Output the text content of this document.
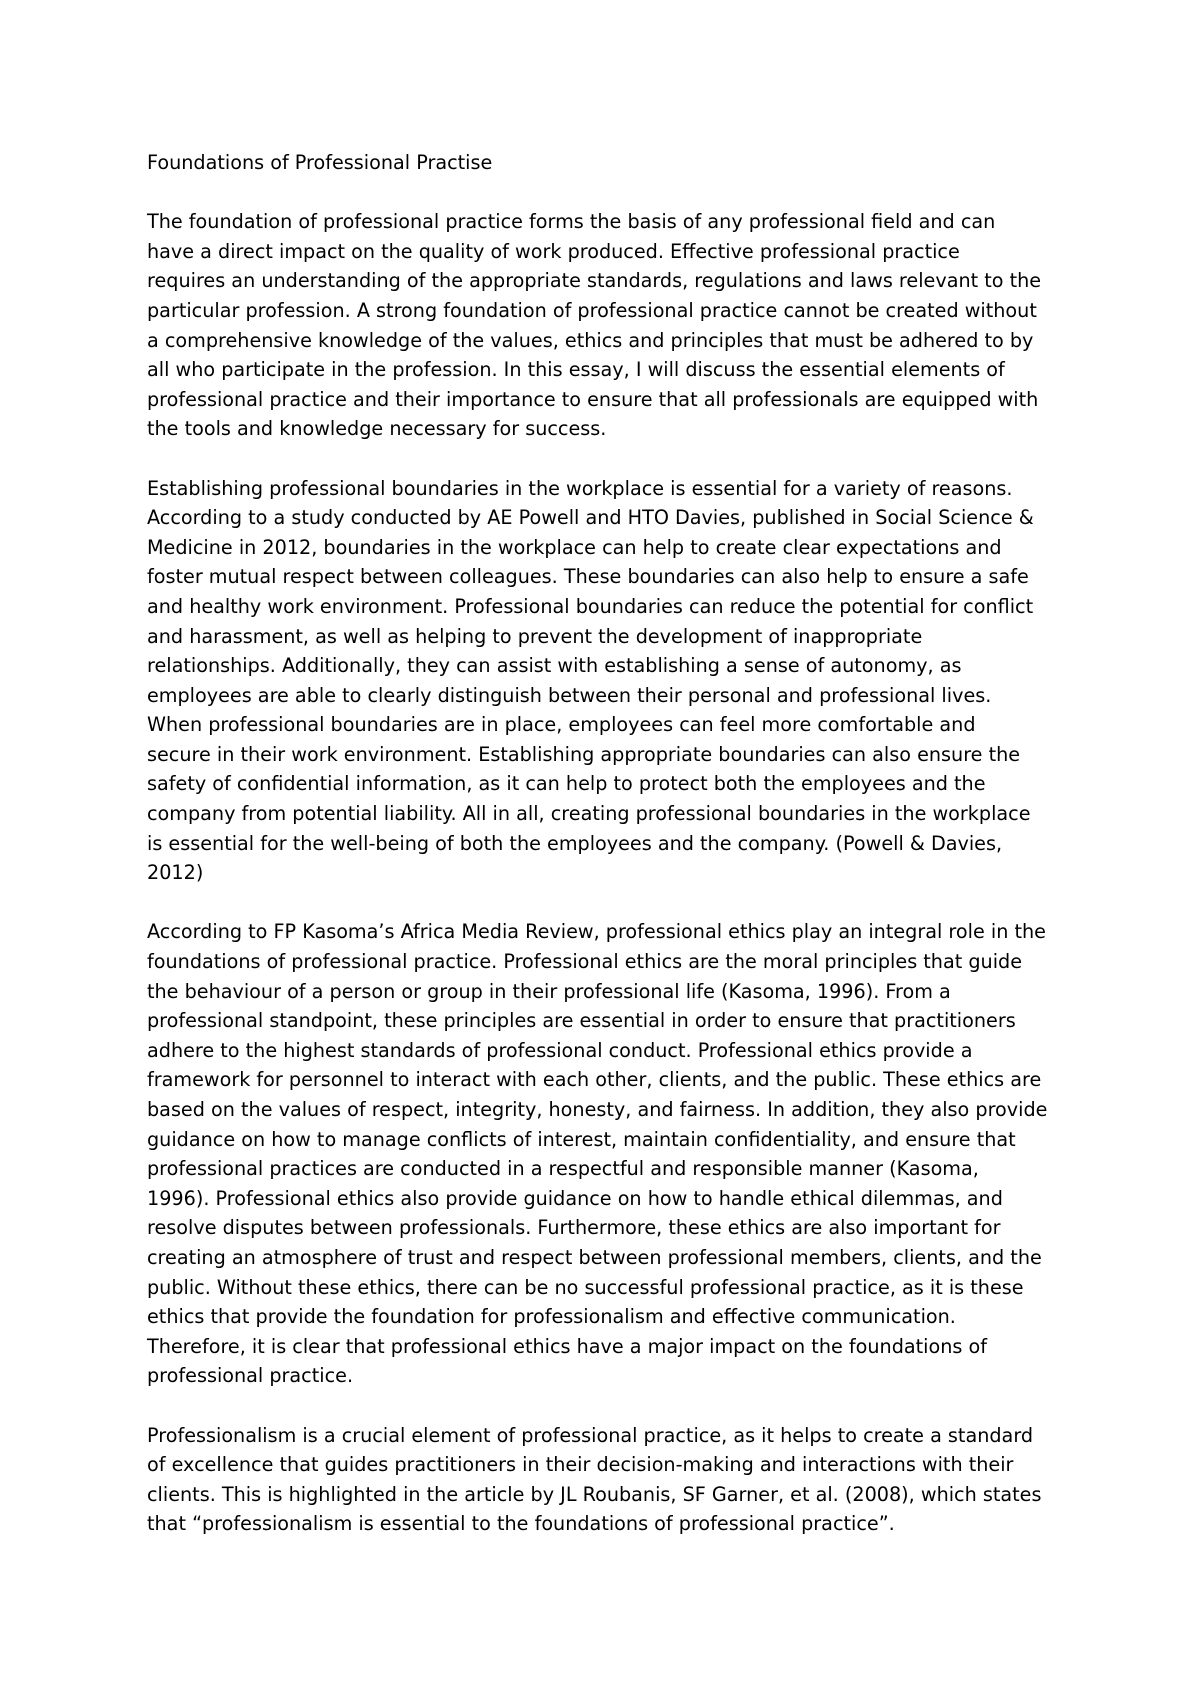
Foundations of Professional Practise

The foundation of professional practice forms the basis of any professional field and can
have a direct impact on the quality of work produced. Effective professional practice
requires an understanding of the appropriate standards, regulations and laws relevant to the
particular profession. A strong foundation of professional practice cannot be created without
a comprehensive knowledge of the values, ethics and principles that must be adhered to by
all who participate in the profession. In this essay, I will discuss the essential elements of
professional practice and their importance to ensure that all professionals are equipped with
the tools and knowledge necessary for success.

Establishing professional boundaries in the workplace is essential for a variety of reasons.
According to a study conducted by AE Powell and HTO Davies, published in Social Science &
Medicine in 2012, boundaries in the workplace can help to create clear expectations and
foster mutual respect between colleagues. These boundaries can also help to ensure a safe
and healthy work environment. Professional boundaries can reduce the potential for conflict
and harassment, as well as helping to prevent the development of inappropriate
relationships. Additionally, they can assist with establishing a sense of autonomy, as
employees are able to clearly distinguish between their personal and professional lives.
When professional boundaries are in place, employees can feel more comfortable and
secure in their work environment. Establishing appropriate boundaries can also ensure the
safety of confidential information, as it can help to protect both the employees and the
company from potential liability. All in all, creating professional boundaries in the workplace
is essential for the well-being of both the employees and the company. (Powell & Davies,
2012)

According to FP Kasoma’s Africa Media Review, professional ethics play an integral role in the
foundations of professional practice. Professional ethics are the moral principles that guide
the behaviour of a person or group in their professional life (Kasoma, 1996). From a
professional standpoint, these principles are essential in order to ensure that practitioners
adhere to the highest standards of professional conduct. Professional ethics provide a
framework for personnel to interact with each other, clients, and the public. These ethics are
based on the values of respect, integrity, honesty, and fairness. In addition, they also provide
guidance on how to manage conflicts of interest, maintain confidentiality, and ensure that
professional practices are conducted in a respectful and responsible manner (Kasoma,
1996). Professional ethics also provide guidance on how to handle ethical dilemmas, and
resolve disputes between professionals. Furthermore, these ethics are also important for
creating an atmosphere of trust and respect between professional members, clients, and the
public. Without these ethics, there can be no successful professional practice, as it is these
ethics that provide the foundation for professionalism and effective communication.
Therefore, it is clear that professional ethics have a major impact on the foundations of
professional practice.

Professionalism is a crucial element of professional practice, as it helps to create a standard
of excellence that guides practitioners in their decision-making and interactions with their
clients. This is highlighted in the article by JL Roubanis, SF Garner, et al. (2008), which states
that “professionalism is essential to the foundations of professional practice”.
